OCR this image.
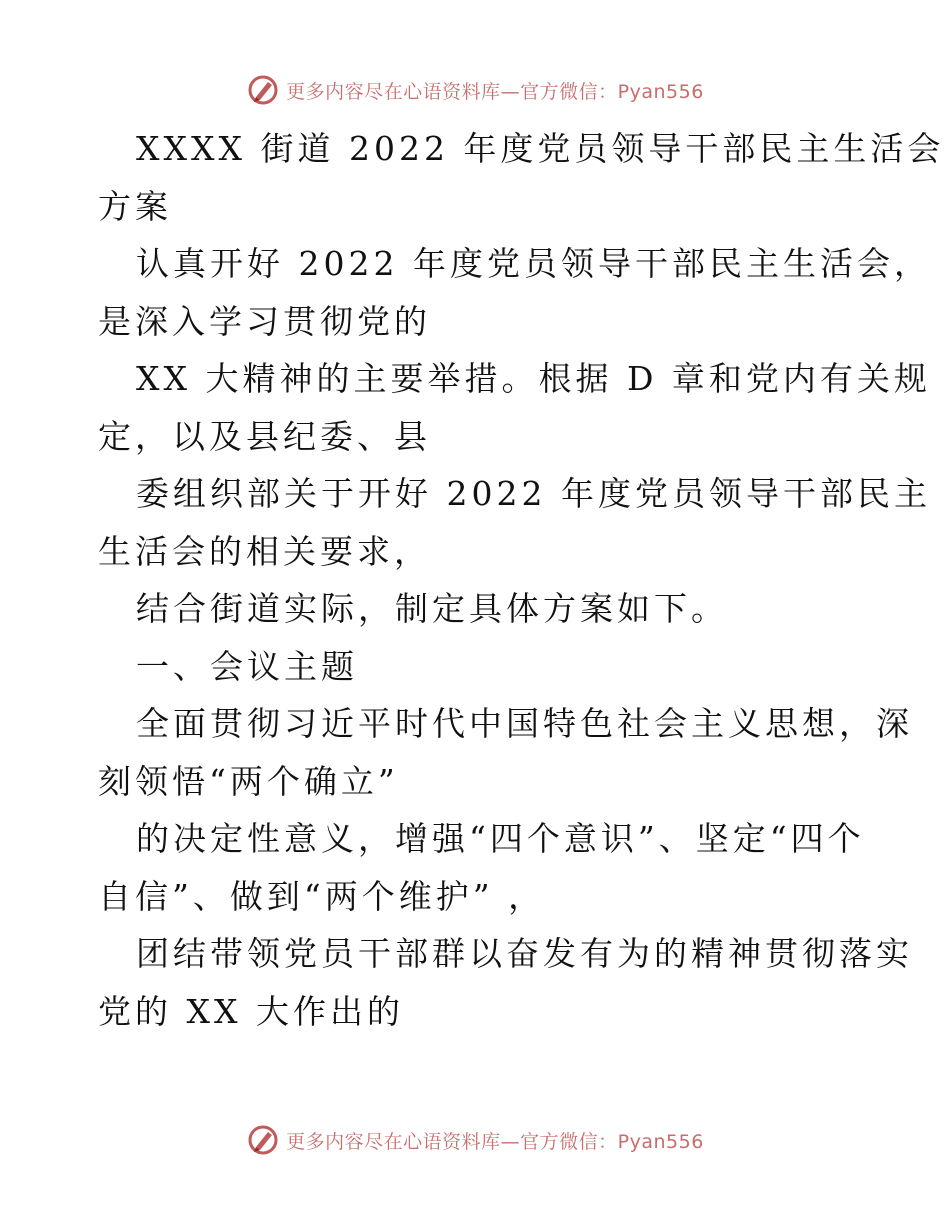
更多内容尽在心语资料库—官方微信：Pyan556
XXXX 街道 2022 年度党员领导干部民主生活会
方案
认真开好 2022 年度党员领导干部民主生活会，
是深入学习贯彻党的
XX 大精神的主要举措。根据 D 章和党内有关规
定，以及县纪委、县
委组织部关于开好 2022 年度党员领导干部民主
生活会的相关要求，
结合街道实际，制定具体方案如下。
一、会议主题
全面贯彻习近平时代中国特色社会主义思想，深
刻领悟“两个确立”
的决定性意义，增强“四个意识”、坚定“四个
自信”、做到“两个维护” ，
团结带领党员干部群以奋发有为的精神贯彻落实
党的 XX 大作出的
更多内容尽在心语资料库—官方微信：Pyan556
